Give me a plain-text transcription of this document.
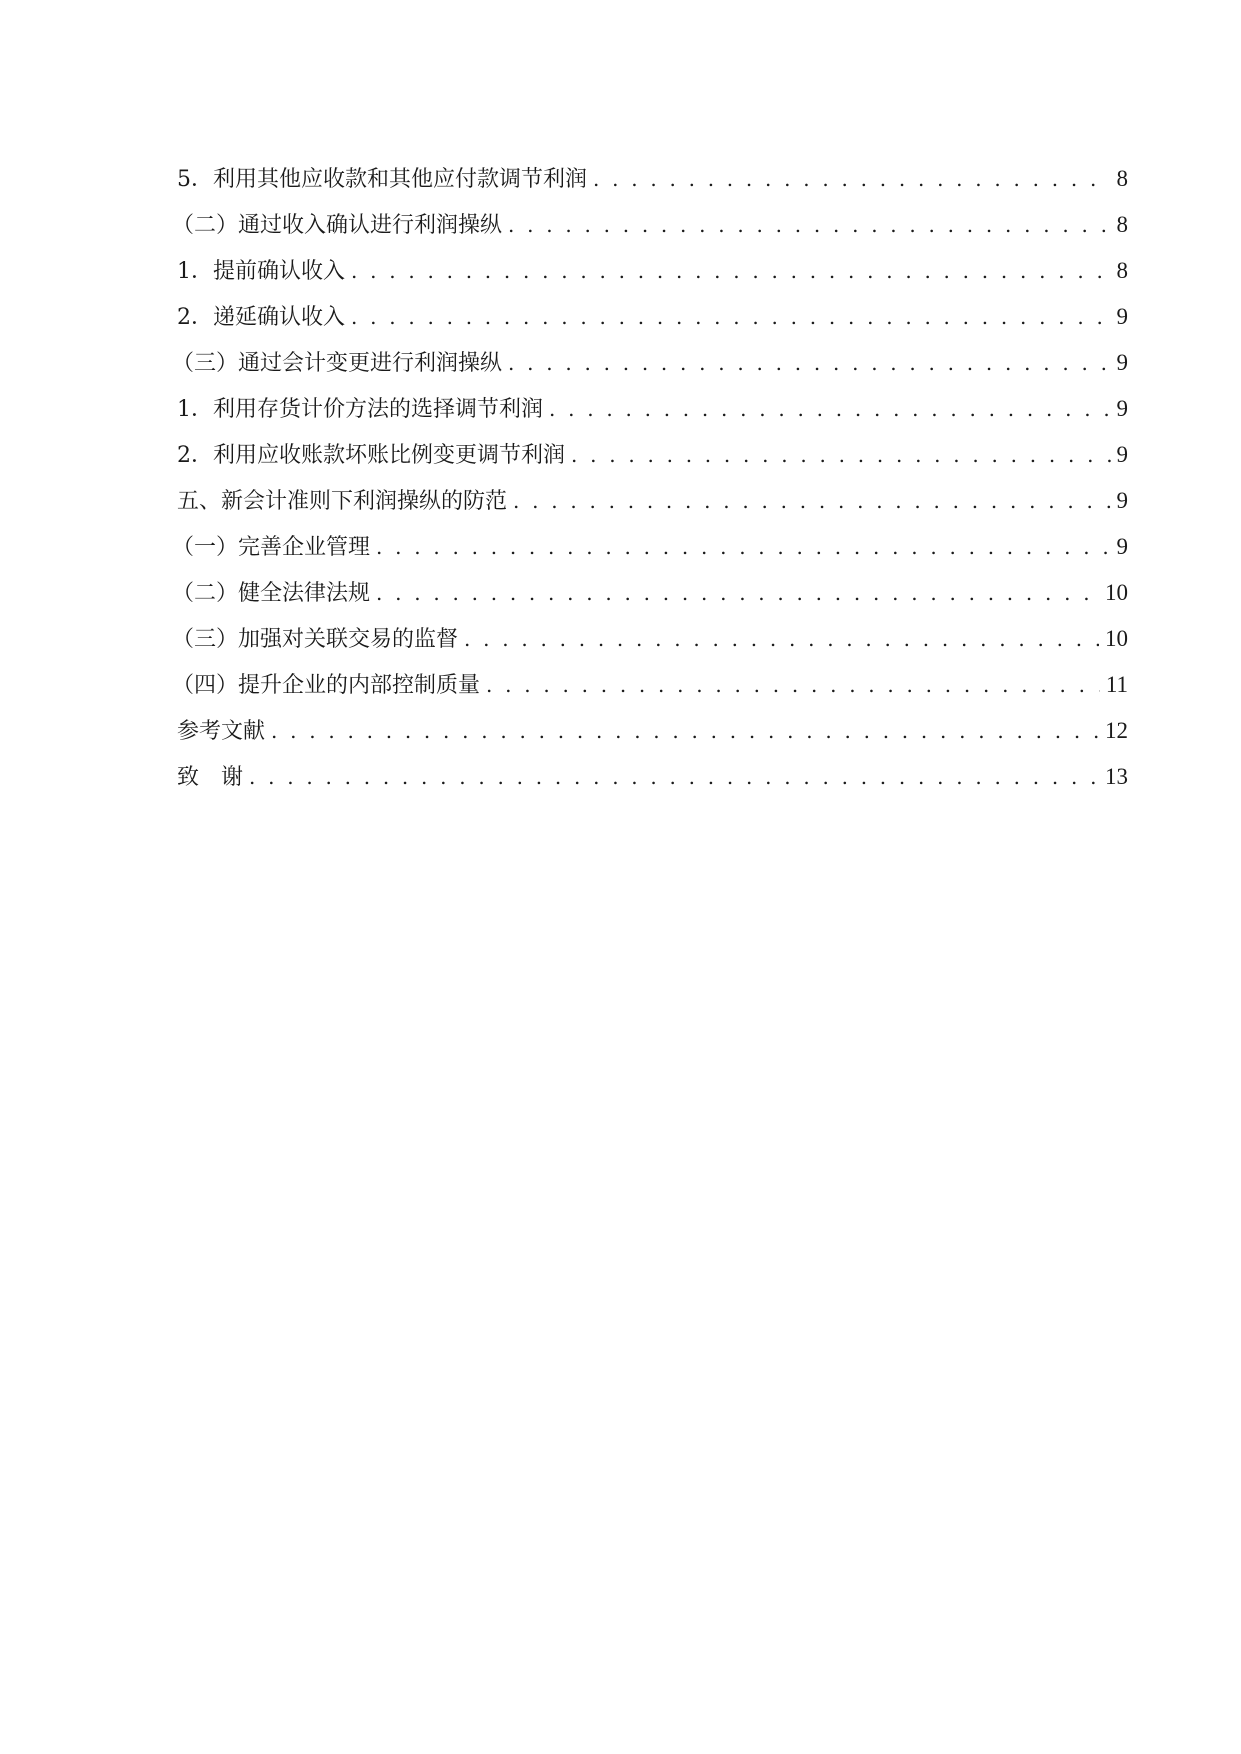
5．利用其他应收款和其他应付款调节利润 . . .	8
（二）通过收入确认进行利润操纵 . . .	8
1．提前确认收入 . . .	8
2．递延确认收入 . . .	9
（三）通过会计变更进行利润操纵 . . .	9
1．利用存货计价方法的选择调节利润 . . .	9
2．利用应收账款坏账比例变更调节利润 . . .	9
五、新会计准则下利润操纵的防范 . . .	9
（一）完善企业管理 . . .	9
（二）健全法律法规 . . .	10
（三）加强对关联交易的监督 . . .	10
（四）提升企业的内部控制质量 . . .	11
参考文献 . . .	12
致　谢 . . .	13
